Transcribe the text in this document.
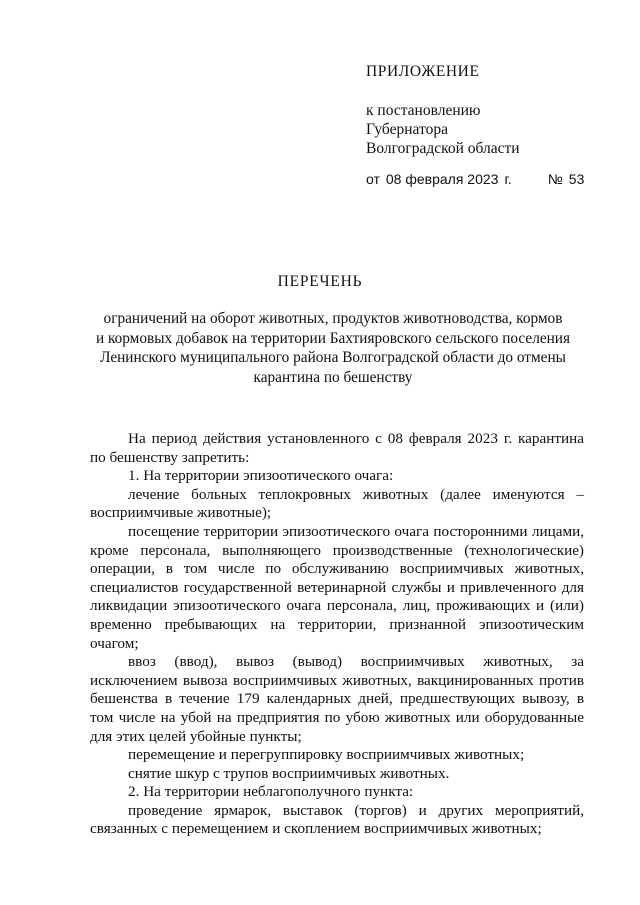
ПРИЛОЖЕНИЕ

к постановлению

Губернатора

Волгоградской области

от 08 февраля 2023 г.	№ 53
ПЕРЕЧЕНЬ
ограничений на оборот животных, продуктов животноводства, кормов
и кормовых добавок на территории Бахтияровского сельского поселения
Ленинского муниципального района Волгоградской области до отмены
карантина по бешенству

На период действия установленного с 08 февраля 2023 г. карантина по бешенству запретить:

1. На территории эпизоотического очага:

лечение больных теплокровных животных (далее именуются – восприимчивые животные);

посещение территории эпизоотического очага посторонними лицами, кроме персонала, выполняющего производственные (технологические) операции, в том числе по обслуживанию восприимчивых животных, специалистов государственной ветеринарной службы и привлеченного для ликвидации эпизоотического очага персонала, лиц, проживающих и (или) временно пребывающих на территории, признанной эпизоотическим очагом;

ввоз (ввод), вывоз (вывод) восприимчивых животных, за исключением вывоза восприимчивых животных, вакцинированных против бешенства в течение 179 календарных дней, предшествующих вывозу, в том числе на убой на предприятия по убою животных или оборудованные для этих целей убойные пункты;

перемещение и перегруппировку восприимчивых животных;

снятие шкур с трупов восприимчивых животных.

2. На территории неблагополучного пункта:

проведение ярмарок, выставок (торгов) и других мероприятий, связанных с перемещением и скоплением восприимчивых животных;
